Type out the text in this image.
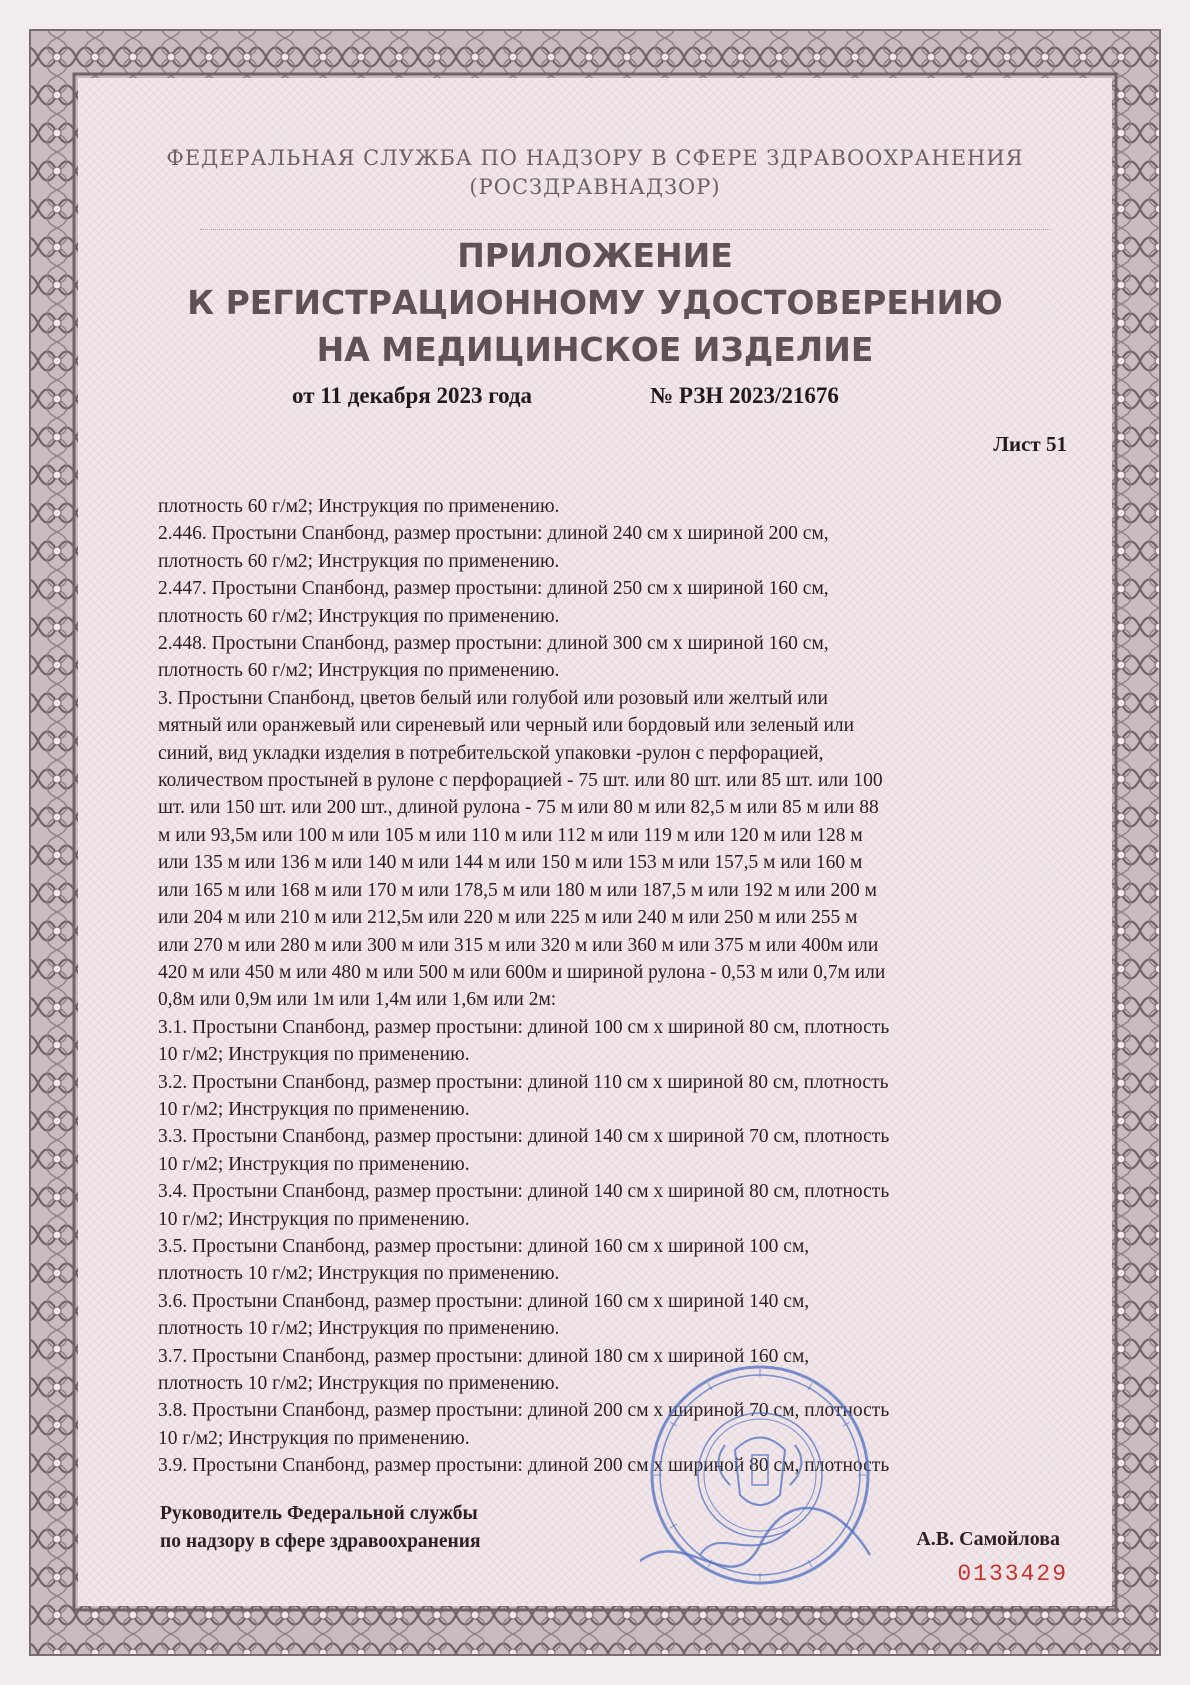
ФЕДЕРАЛЬНАЯ СЛУЖБА ПО НАДЗОРУ В СФЕРЕ ЗДРАВООХРАНЕНИЯ
(РОСЗДРАВНАДЗОР)
ПРИЛОЖЕНИЕ
К РЕГИСТРАЦИОННОМУ УДОСТОВЕРЕНИЮ
НА МЕДИЦИНСКОЕ ИЗДЕЛИЕ
от 11 декабря 2023 года	№ РЗН 2023/21676
Лист 51
плотность 60 г/м2; Инструкция по применению.
2.446. Простыни Спанбонд, размер простыни: длиной 240 см х шириной 200 см,
плотность 60 г/м2; Инструкция по применению.
2.447. Простыни Спанбонд, размер простыни: длиной 250 см х шириной 160 см,
плотность 60 г/м2; Инструкция по применению.
2.448. Простыни Спанбонд, размер простыни: длиной 300 см х шириной 160 см,
плотность 60 г/м2; Инструкция по применению.
3. Простыни Спанбонд, цветов белый или голубой или розовый или желтый или
мятный или оранжевый или сиреневый или черный или бордовый или зеленый или
синий, вид укладки изделия в потребительской упаковки -рулон с перфорацией,
количеством простыней в рулоне с перфорацией - 75 шт. или 80 шт. или 85 шт. или 100
шт. или 150 шт. или 200 шт., длиной рулона - 75 м или 80 м или 82,5 м или 85 м или 88
м или 93,5м или 100 м или 105 м или 110 м или 112 м или 119 м или 120 м или 128 м
или 135 м или 136 м или 140 м или 144 м или 150 м или 153 м или 157,5 м или 160 м
или 165 м или 168 м или 170 м или 178,5 м или 180 м или 187,5 м или 192 м или 200 м
или 204 м или 210 м или 212,5м или 220 м или 225 м или 240 м или 250 м или 255 м
или 270 м или 280 м или 300 м или 315 м или 320 м или 360 м или 375 м или 400м или
420 м или 450 м или 480 м или 500 м или 600м и шириной рулона - 0,53 м или 0,7м или
0,8м или 0,9м или 1м или 1,4м или 1,6м или 2м:
3.1. Простыни Спанбонд, размер простыни: длиной 100 см х шириной 80 см, плотность
10 г/м2; Инструкция по применению.
3.2. Простыни Спанбонд, размер простыни: длиной 110 см х шириной 80 см, плотность
10 г/м2; Инструкция по применению.
3.3. Простыни Спанбонд, размер простыни: длиной 140 см х шириной 70 см, плотность
10 г/м2; Инструкция по применению.
3.4. Простыни Спанбонд, размер простыни: длиной 140 см х шириной 80 см, плотность
10 г/м2; Инструкция по применению.
3.5. Простыни Спанбонд, размер простыни: длиной 160 см х шириной 100 см,
плотность 10 г/м2; Инструкция по применению.
3.6. Простыни Спанбонд, размер простыни: длиной 160 см х шириной 140 см,
плотность 10 г/м2; Инструкция по применению.
3.7. Простыни Спанбонд, размер простыни: длиной 180 см х шириной 160 см,
плотность 10 г/м2; Инструкция по применению.
3.8. Простыни Спанбонд, размер простыни: длиной 200 см х шириной 70 см, плотность
10 г/м2; Инструкция по применению.
3.9. Простыни Спанбонд, размер простыни: длиной 200 см х шириной 80 см, плотность
Руководитель Федеральной службы
по надзору в сфере здравоохранения	А.В. Самойлова
0133429
